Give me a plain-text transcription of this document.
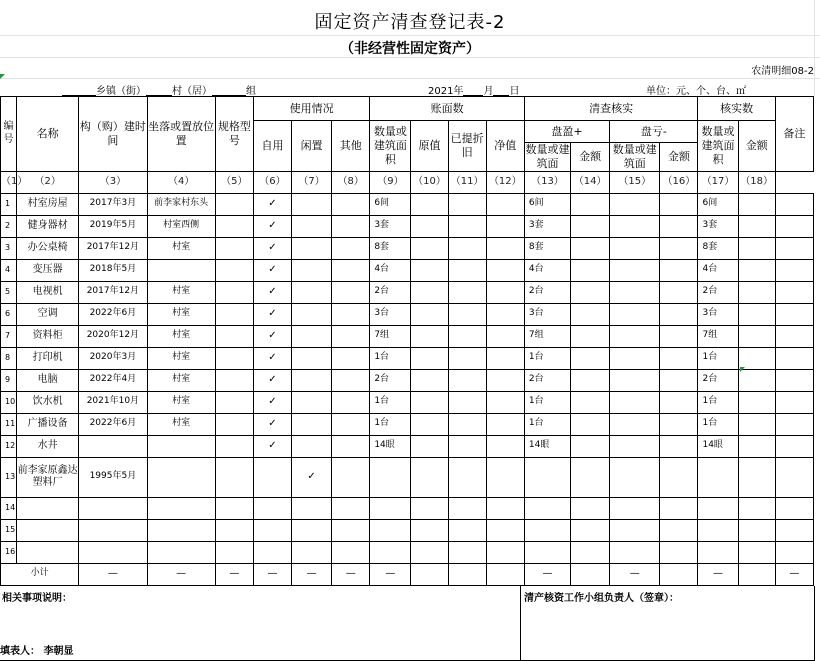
固定资产清查登记表-2
（非经营性固定资产）
农清明细08-2
乡镇（街）	村（居）	组	2021年 月 日	单位：元、个、台、㎡
编号	名称	构（购）建时间	坐落或置放位置	规格型号	使用情况			账面数				清查核实				核实数		备注
					自用	闲置	其他	数量或建筑面积	原值	已提折旧	净值	盘盈+		盘亏-		数量或建筑面积	金额	
												数量或建筑面	金额	数量或建筑面	金额			
（1）	（2）	（3）	（4）	（5）	（6）	（7）	（8）	（9）	（10）	（11）	（12）	（13）	（14）	（15）	（16）	（17）	（18）	
1	村室房屋	2017年3月	前李家村东头		✓			6间				6间				6间		
2	健身器材	2019年5月	村室西侧		✓			3套				3套				3套		
3	办公桌椅	2017年12月	村室		✓			8套				8套				8套		
4	变压器	2018年5月			✓			4台				4台				4台		
5	电视机	2017年12月	村室		✓			2台				2台				2台		
6	空调	2022年6月	村室		✓			3台				3台				3台		
7	资料柜	2020年12月	村室		✓			7组				7组				7组		
8	打印机	2020年3月	村室		✓			1台				1台				1台		
9	电脑	2022年4月	村室		✓			2台				2台				2台		
10	饮水机	2021年10月	村室		✓			1台				1台				1台		
11	广播设备	2022年6月	村室		✓			1台				1台				1台		
12	水井				✓			14眼				14眼				14眼		
13	前李家原鑫达塑料厂	1995年5月				✓												
14																		
15																		
16																		
小计		—	—	—	—	—	—	—				—		—		—		—
相关事项说明：	清产核资工作小组负责人（签章）：
填表人： 李朝显
